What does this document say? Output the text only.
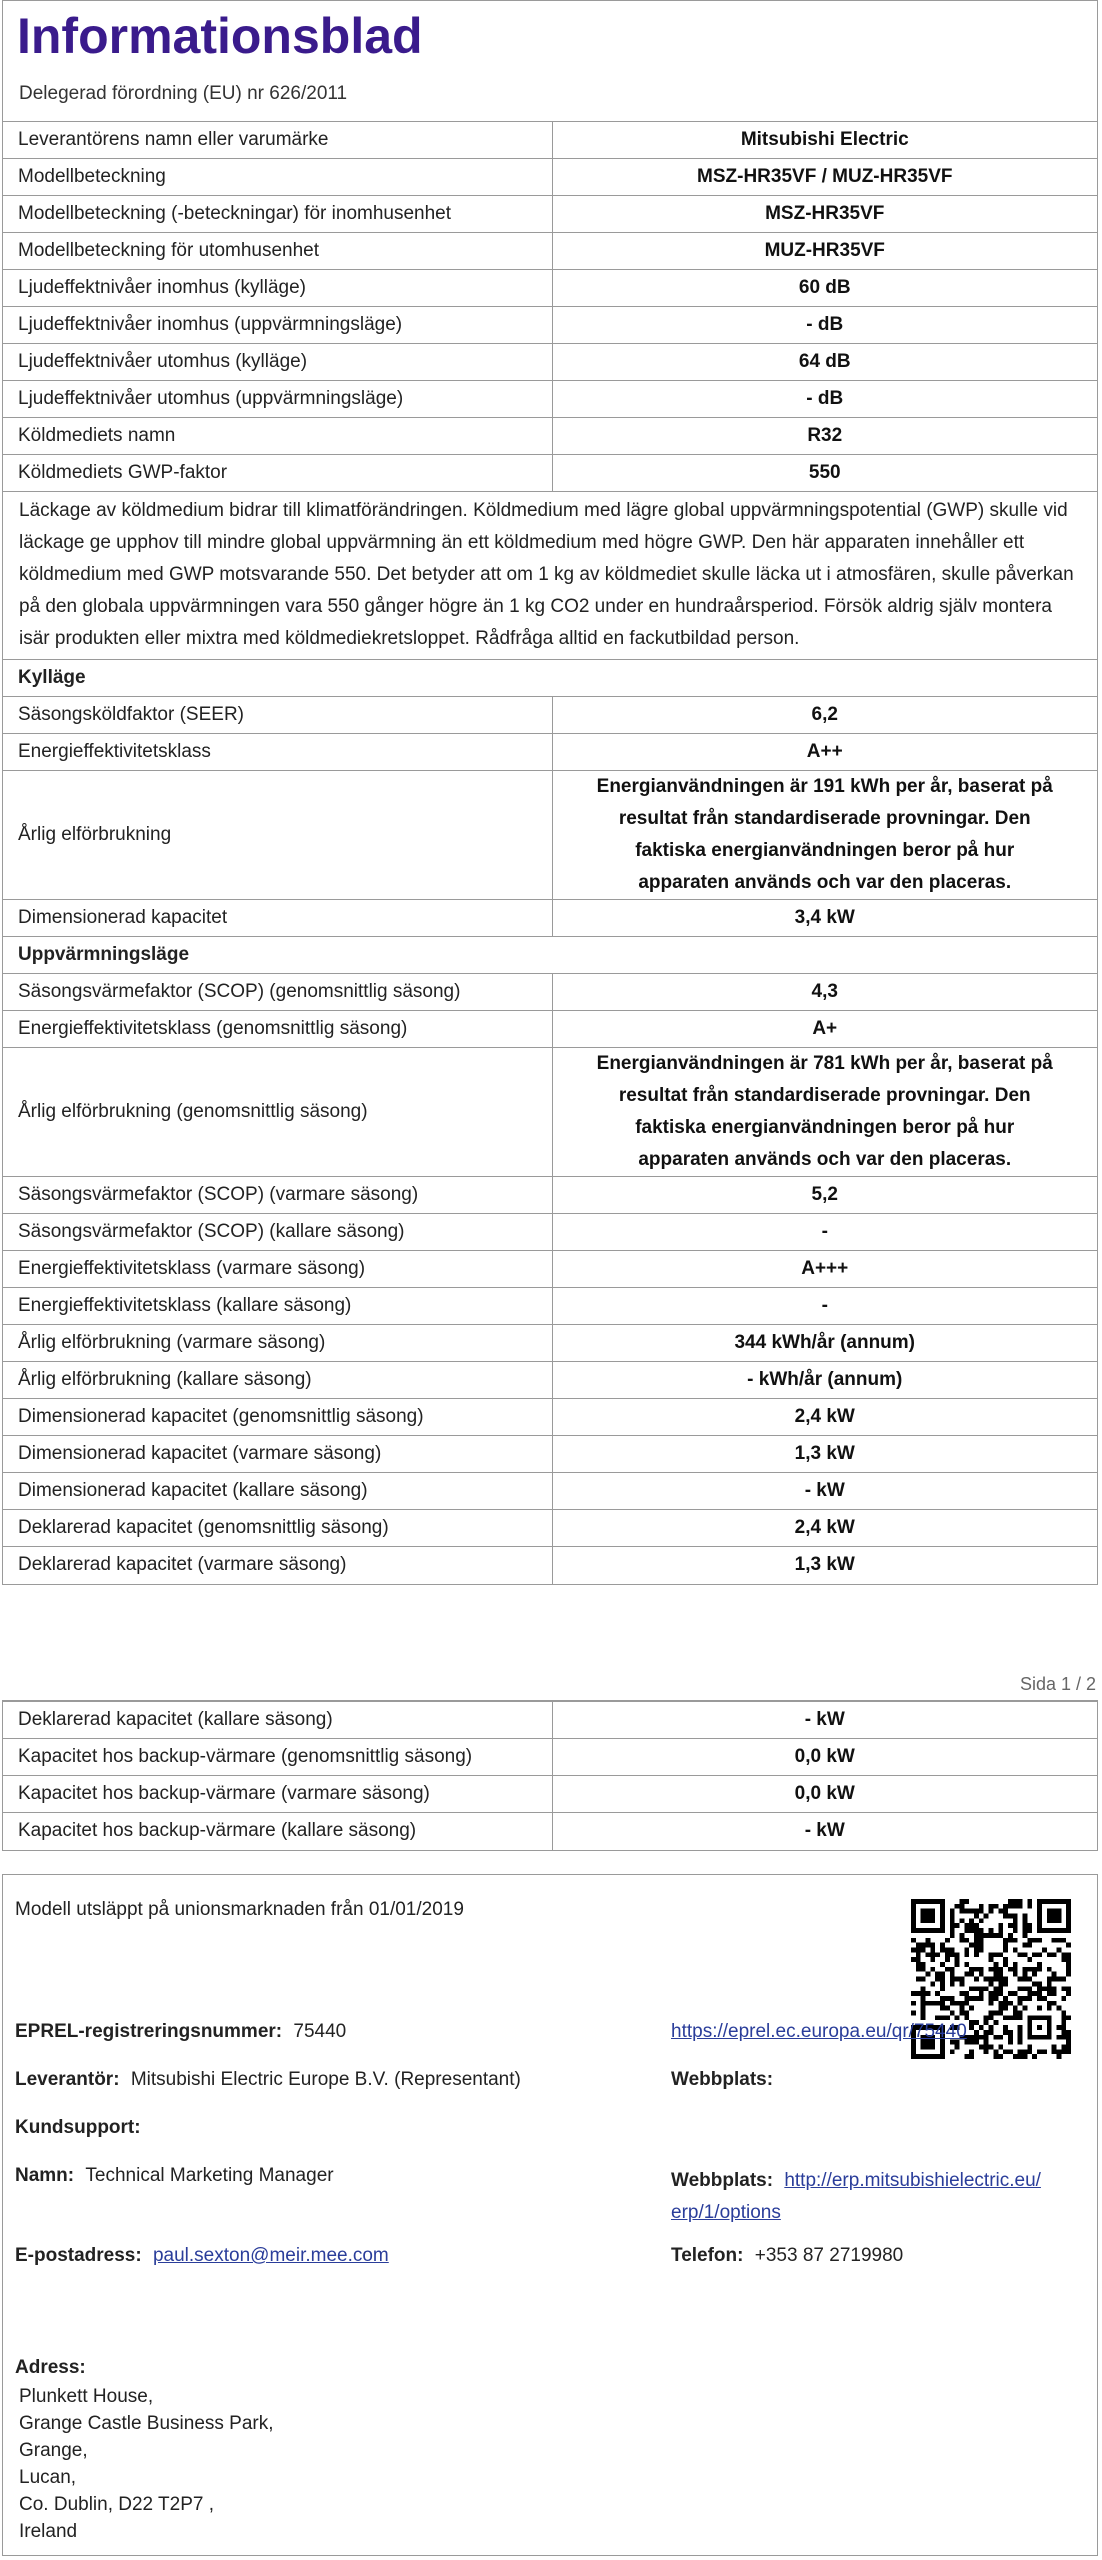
Informationsblad
Delegerad förordning (EU) nr 626/2011
Leverantörens namn eller varumärke	Mitsubishi Electric
Modellbeteckning	MSZ-HR35VF / MUZ-HR35VF
Modellbeteckning (-beteckningar) för inomhusenhet	MSZ-HR35VF
Modellbeteckning för utomhusenhet	MUZ-HR35VF
Ljudeffektnivåer inomhus (kylläge)	60 dB
Ljudeffektnivåer inomhus (uppvärmningsläge)	- dB
Ljudeffektnivåer utomhus (kylläge)	64 dB
Ljudeffektnivåer utomhus (uppvärmningsläge)	- dB
Köldmediets namn	R32
Köldmediets GWP-faktor	550
Läckage av köldmedium bidrar till klimatförändringen. Köldmedium med lägre global uppvärmningspotential (GWP) skulle vid läckage ge upphov till mindre global uppvärmning än ett köldmedium med högre GWP. Den här apparaten innehåller ett köldmedium med GWP motsvarande 550. Det betyder att om 1 kg av köldmediet skulle läcka ut i atmosfären, skulle påverkan på den globala uppvärmningen vara 550 gånger högre än 1 kg CO2 under en hundraårsperiod. Försök aldrig själv montera isär produkten eller mixtra med köldmediekretsloppet. Rådfråga alltid en fackutbildad person.	
Kylläge	
Säsongsköldfaktor (SEER)	6,2
Energieffektivitetsklass	A++
Årlig elförbrukning	Energianvändningen är 191 kWh per år, baserat på resultat från standardiserade provningar. Den faktiska energianvändningen beror på hur apparaten används och var den placeras.
Dimensionerad kapacitet	3,4 kW
Uppvärmningsläge	
Säsongsvärmefaktor (SCOP) (genomsnittlig säsong)	4,3
Energieffektivitetsklass (genomsnittlig säsong)	A+
Årlig elförbrukning (genomsnittlig säsong)	Energianvändningen är 781 kWh per år, baserat på resultat från standardiserade provningar. Den faktiska energianvändningen beror på hur apparaten används och var den placeras.
Säsongsvärmefaktor (SCOP) (varmare säsong)	5,2
Säsongsvärmefaktor (SCOP) (kallare säsong)	-
Energieffektivitetsklass (varmare säsong)	A+++
Energieffektivitetsklass (kallare säsong)	-
Årlig elförbrukning (varmare säsong)	344 kWh/år (annum)
Årlig elförbrukning (kallare säsong)	- kWh/år (annum)
Dimensionerad kapacitet (genomsnittlig säsong)	2,4 kW
Dimensionerad kapacitet (varmare säsong)	1,3 kW
Dimensionerad kapacitet (kallare säsong)	- kW
Deklarerad kapacitet (genomsnittlig säsong)	2,4 kW
Deklarerad kapacitet (varmare säsong)	1,3 kW
Sida 1 / 2
Deklarerad kapacitet (kallare säsong)	- kW
Kapacitet hos backup-värmare (genomsnittlig säsong)	0,0 kW
Kapacitet hos backup-värmare (varmare säsong)	0,0 kW
Kapacitet hos backup-värmare (kallare säsong)	- kW
Modell utsläppt på unionsmarknaden från 01/01/2019
EPREL-registreringsnummer: 75440	https://eprel.ec.europa.eu/qr/75440
Leverantör: Mitsubishi Electric Europe B.V. (Representant)	Webbplats:
Kundsupport:
Namn: Technical Marketing Manager	Webbplats: http://erp.mitsubishielectric.eu/
erp/1/options
E-postadress: paul.sexton@meir.mee.com	Telefon: +353 87 2719980
Adress:
Plunkett House,
Grange Castle Business Park,
Grange,
Lucan,
Co. Dublin, D22 T2P7 ,
Ireland
